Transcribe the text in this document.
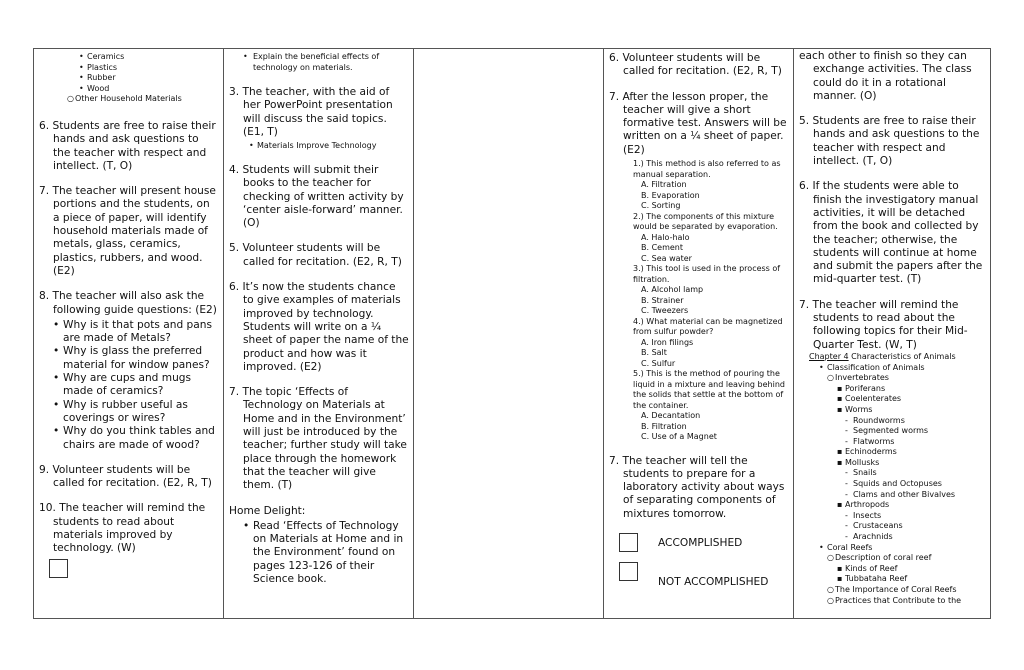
• Ceramics
• Plastics
• Rubber
• Wood
○ Other Household Materials

6. Students are free to raise their hands and ask questions to the teacher with respect and intellect. (T, O)

7. The teacher will present house portions and the students, on a piece of paper, will identify household materials made of metals, glass, ceramics, plastics, rubbers, and wood. (E2)

8. The teacher will also ask the following guide questions: (E2)

• Why is it that pots and pans are made of Metals?
• Why is glass the preferred material for window panes?
• Why are cups and mugs made of ceramics?
• Why is rubber useful as coverings or wires?
• Why do you think tables and chairs are made of wood?

9. Volunteer students will be called for recitation. (E2, R, T)

10. The teacher will remind the students to read about materials improved by technology. (W)

• Explain the beneficial effects of technology on materials.

3. The teacher, with the aid of her PowerPoint presentation will discuss the said topics. (E1, T)

• Materials Improve Technology

4. Students will submit their books to the teacher for checking of written activity by ‘center aisle-forward’ manner. (O)

5. Volunteer students will be called for recitation. (E2, R, T)

6. It’s now the students chance to give examples of materials improved by technology. Students will write on a ¼ sheet of paper the name of the product and how was it improved. (E2)

7. The topic ‘Effects of Technology on Materials at Home and in the Environment’ will just be introduced by the teacher; further study will take place through the homework that the teacher will give them. (T)

Home Delight:

• Read ‘Effects of Technology on Materials at Home and in the Environment’ found on pages 123-126 of their Science book.

6. Volunteer students will be called for recitation. (E2, R, T)

7. After the lesson proper, the teacher will give a short formative test. Answers will be written on a ¼ sheet of paper. (E2)

1.) This method is also referred to as manual separation.
A. Filtration
B. Evaporation
C. Sorting
2.) The components of this mixture would be separated by evaporation.
A. Halo-halo
B. Cement
C. Sea water
3.) This tool is used in the process of filtration.
A. Alcohol lamp
B. Strainer
C. Tweezers
4.) What material can be magnetized from sulfur powder?
A. Iron filings
B. Salt
C. Sulfur
5.) This is the method of pouring the liquid in a mixture and leaving behind the solids that settle at the bottom of the container.
A. Decantation
B. Filtration
C. Use of a Magnet

7. The teacher will tell the students to prepare for a laboratory activity about ways of separating components of mixtures tomorrow.

ACCOMPLISHED
NOT ACCOMPLISHED

each other to finish so they can exchange activities. The class could do it in a rotational manner. (O)

5. Students are free to raise their hands and ask questions to the teacher with respect and intellect. (T, O)

6. If the students were able to finish the investigatory manual activities, it will be detached from the book and collected by the teacher; otherwise, the students will continue at home and submit the papers after the mid-quarter test. (T)

7. The teacher will remind the students to read about the following topics for their Mid-Quarter Test. (W, T)

Chapter 4 Characteristics of Animals
• Classification of Animals
○ Invertebrates
▪ Poriferans
▪ Coelenterates
▪ Worms
- Roundworms
- Segmented worms
- Flatworms
▪ Echinoderms
▪ Mollusks
- Snails
- Squids and Octopuses
- Clams and other Bivalves
▪ Arthropods
- Insects
- Crustaceans
- Arachnids
• Coral Reefs
○ Description of coral reef
▪ Kinds of Reef
▪ Tubbataha Reef
○ The Importance of Coral Reefs
○ Practices that Contribute to the
